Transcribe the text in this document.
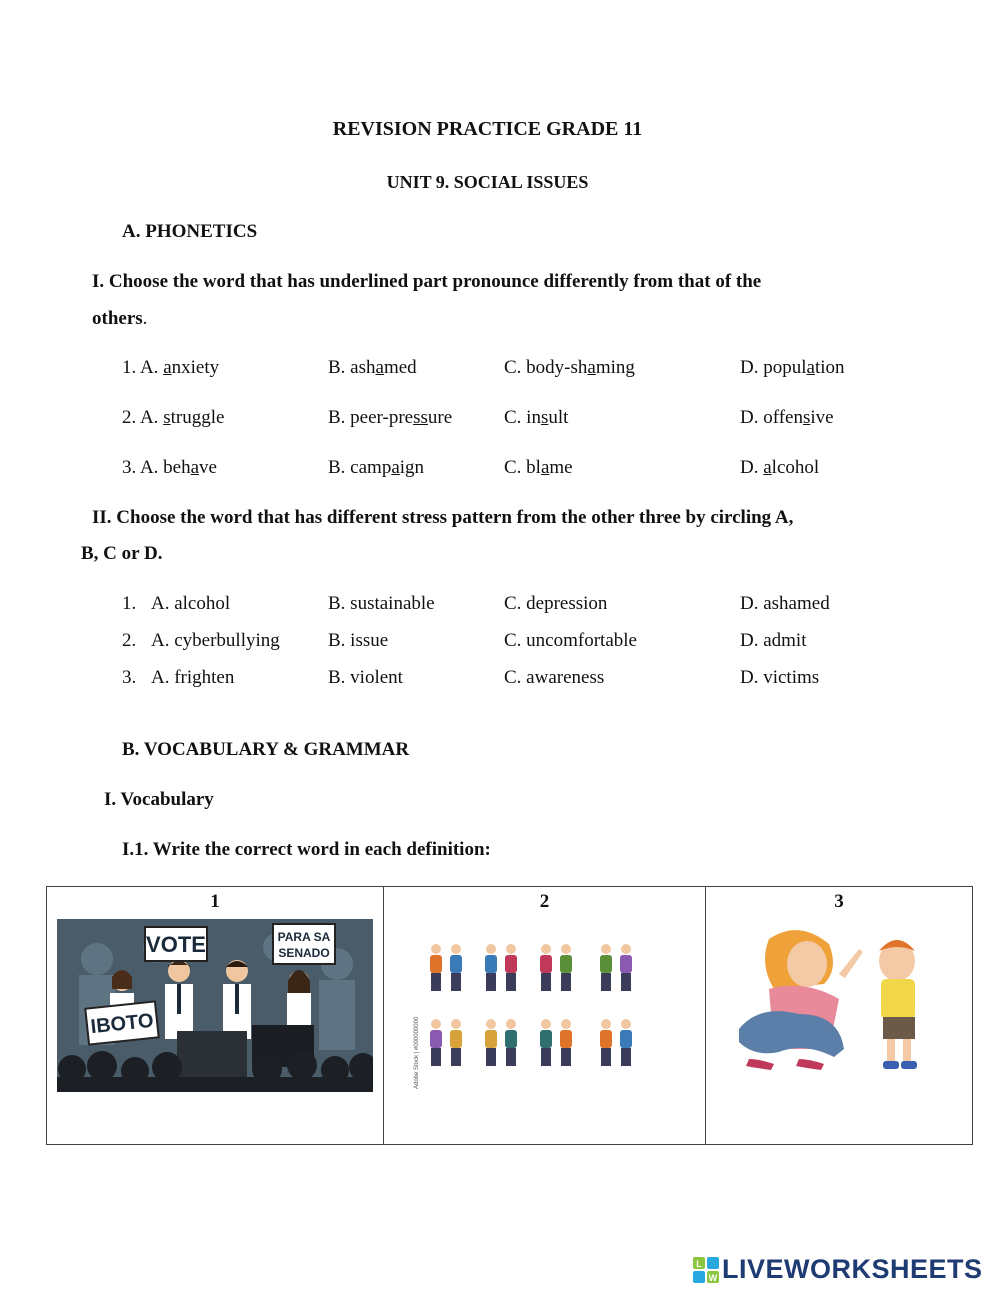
REVISION PRACTICE GRADE 11
UNIT 9. SOCIAL ISSUES
A. PHONETICS
I. Choose the word that has underlined part pronounce differently from that of the
others.
1. A. anxiety	B. ashamed	C. body-shaming	D. population
2. A. struggle	B. peer-pressure	C. insult	D. offensive
3. A. behave	B. campaign	C. blame	D. alcohol
II. Choose the word that has different stress pattern from the other three by circling A,
B, C or D.
1. A. alcohol	B. sustainable	C. depression	D. ashamed
2. A. cyberbullying	B. issue	C. uncomfortable	D. admit
3. A. frighten	B. violent	C. awareness	D. victims
B. VOCABULARY & GRAMMAR
I. Vocabulary
I.1. Write the correct word in each definition:
1
VOTE	PARA SA
SENADO
IBOTO

2
Adobe Stock | #000000000

3
L
W LIVEWORKSHEETS
